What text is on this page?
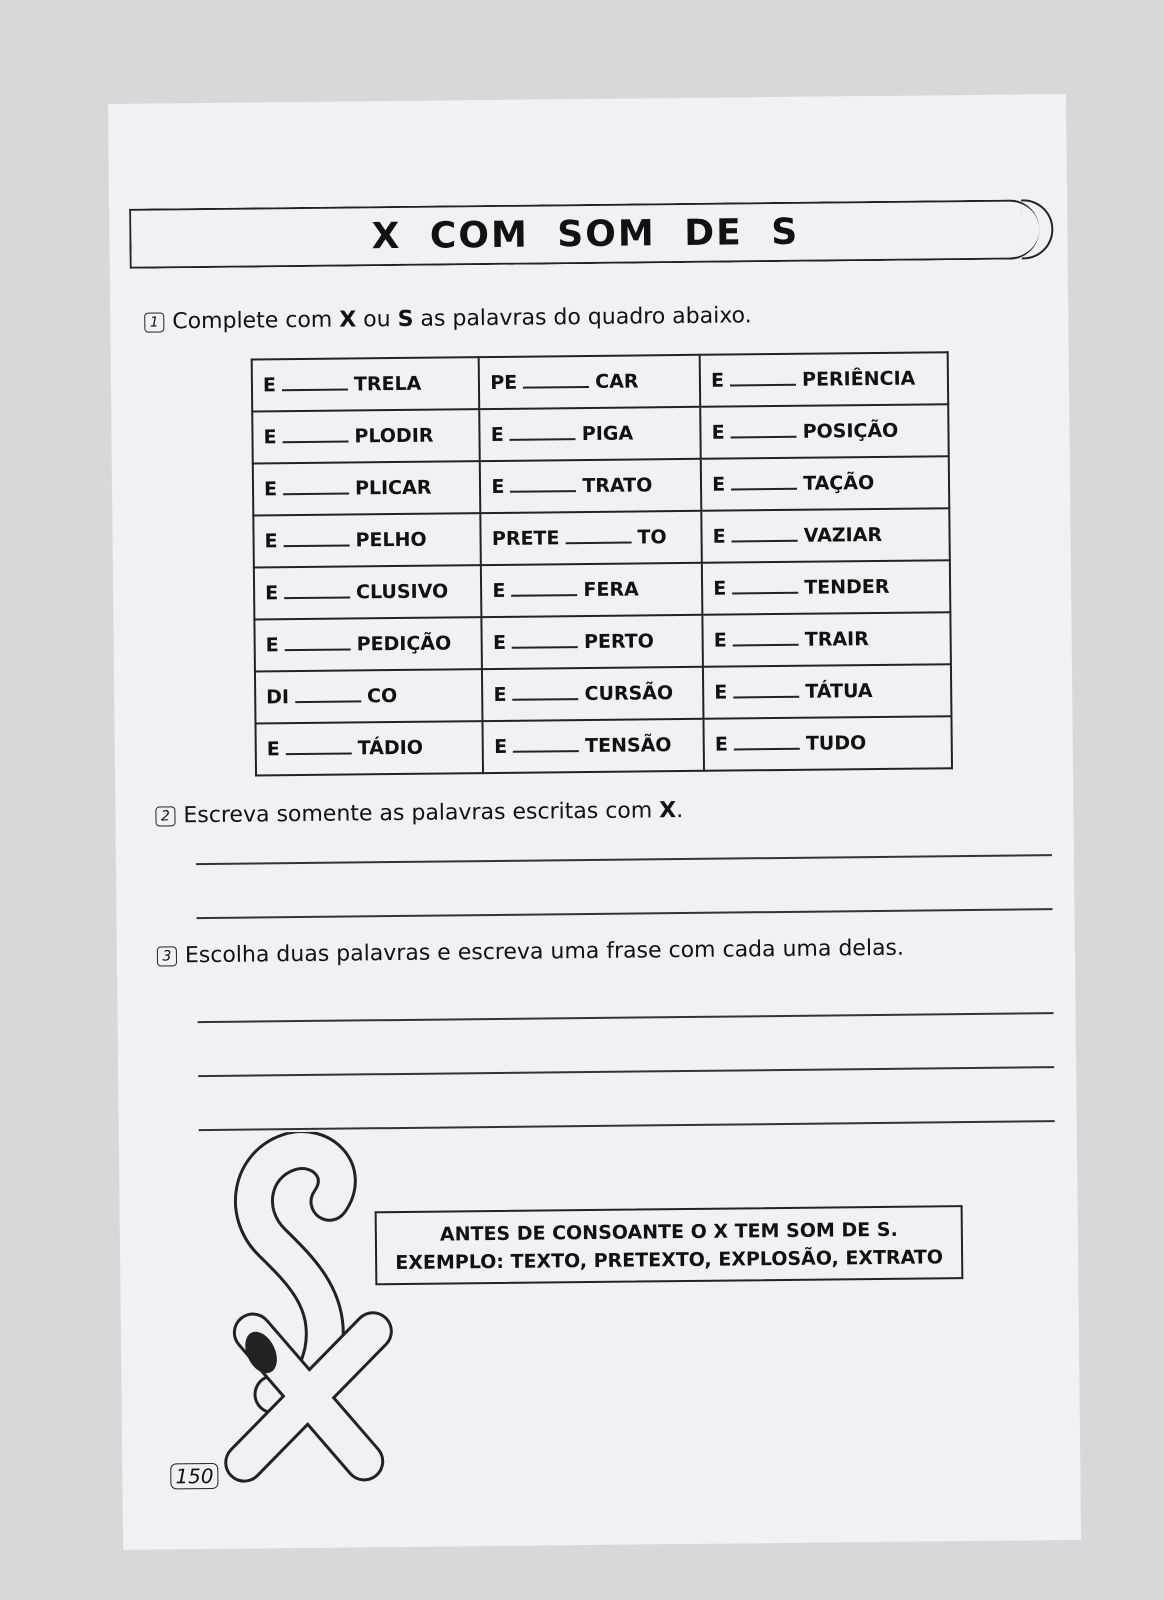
X COM SOM DE S
1 Complete com X ou S as palavras do quadro abaixo.
E TRELA	PE CAR	E PERIÊNCIA

E PLODIR	E PIGA	E POSIÇÃO

E PLICAR	E TRATO	E TAÇÃO

E PELHO	PRETE TO	E VAZIAR

E CLUSIVO	E FERA	E TENDER

E PEDIÇÃO	E PERTO	E TRAIR

DI CO	E CURSÃO	E TÁTUA

E TÁDIO	E TENSÃO	E TUDO
2 Escreva somente as palavras escritas com X.
3 Escolha duas palavras e escreva uma frase com cada uma delas.
ANTES DE CONSOANTE O X TEM SOM DE S.
EXEMPLO: TEXTO, PRETEXTO, EXPLOSÃO, EXTRATO
150
